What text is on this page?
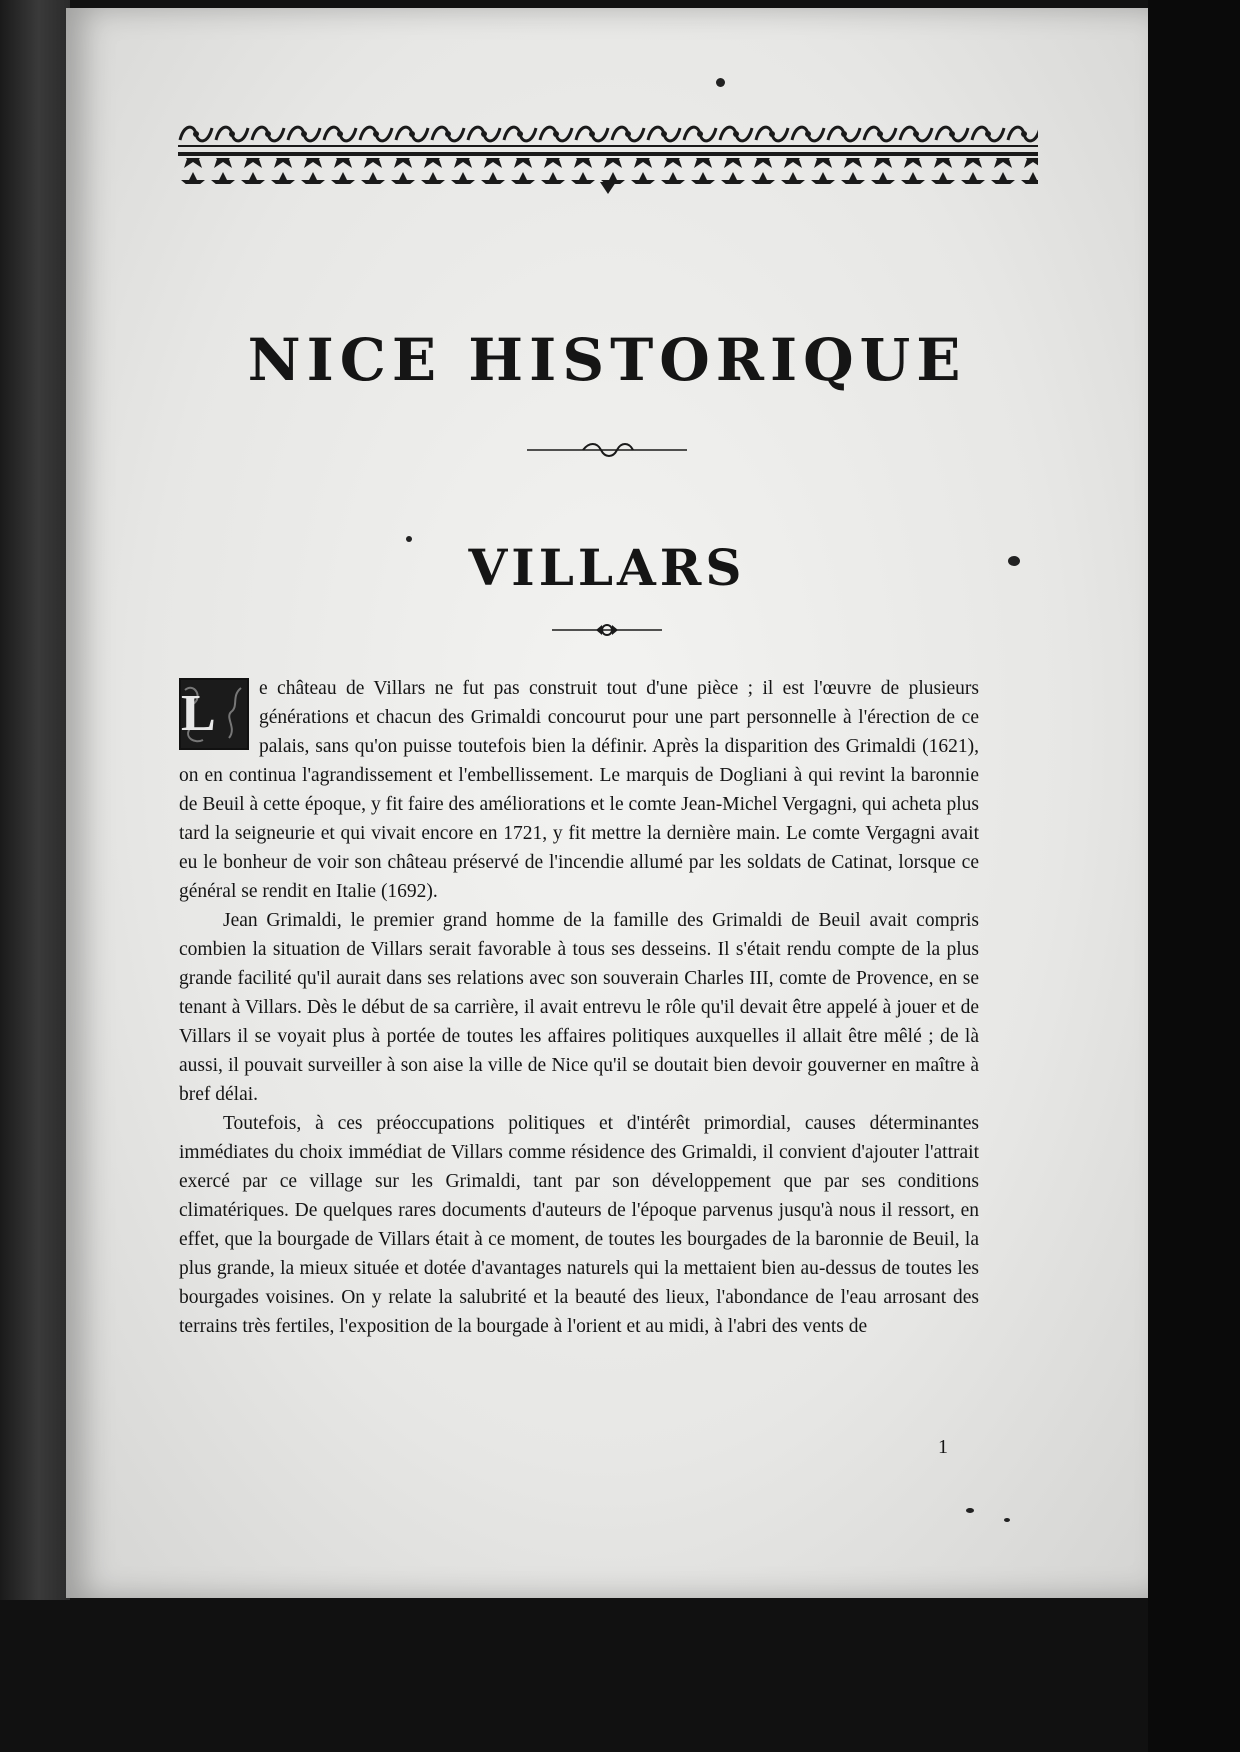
NICE HISTORIQUE
VILLARS

L	e château de Villars ne fut pas construit tout d'une pièce ; il est l'œuvre de plusieurs générations et chacun des Grimaldi concourut pour une part personnelle à l'érection de ce palais, sans qu'on puisse toutefois bien la définir. Après la disparition des Grimaldi (1621), on en continua l'agrandissement et l'embellissement. Le marquis de Dogliani à qui revint la baronnie de Beuil à cette époque, y fit faire des améliorations et le comte Jean-Michel Vergagni, qui acheta plus tard la seigneurie et qui vivait encore en 1721, y fit mettre la dernière main. Le comte Vergagni avait eu le bonheur de voir son château préservé de l'incendie allumé par les soldats de Catinat, lorsque ce général se rendit en Italie (1692).

Jean Grimaldi, le premier grand homme de la famille des Grimaldi de Beuil avait compris combien la situation de Villars serait favorable à tous ses desseins. Il s'était rendu compte de la plus grande facilité qu'il aurait dans ses relations avec son souverain Charles III, comte de Provence, en se tenant à Villars. Dès le début de sa carrière, il avait entrevu le rôle qu'il devait être appelé à jouer et de Villars il se voyait plus à portée de toutes les affaires politiques auxquelles il allait être mêlé ; de là aussi, il pouvait surveiller à son aise la ville de Nice qu'il se doutait bien devoir gouverner en maître à bref délai.

Toutefois, à ces préoccupations politiques et d'intérêt primordial, causes déterminantes immédiates du choix immédiat de Villars comme résidence des Grimaldi, il convient d'ajouter l'attrait exercé par ce village sur les Grimaldi, tant par son développement que par ses conditions climatériques. De quelques rares documents d'auteurs de l'époque parvenus jusqu'à nous il ressort, en effet, que la bourgade de Villars était à ce moment, de toutes les bourgades de la baronnie de Beuil, la plus grande, la mieux située et dotée d'avantages naturels qui la mettaient bien au-dessus de toutes les bourgades voisines. On y relate la salubrité et la beauté des lieux, l'abondance de l'eau arrosant des terrains très fertiles, l'exposition de la bourgade à l'orient et au midi, à l'abri des vents de

1
